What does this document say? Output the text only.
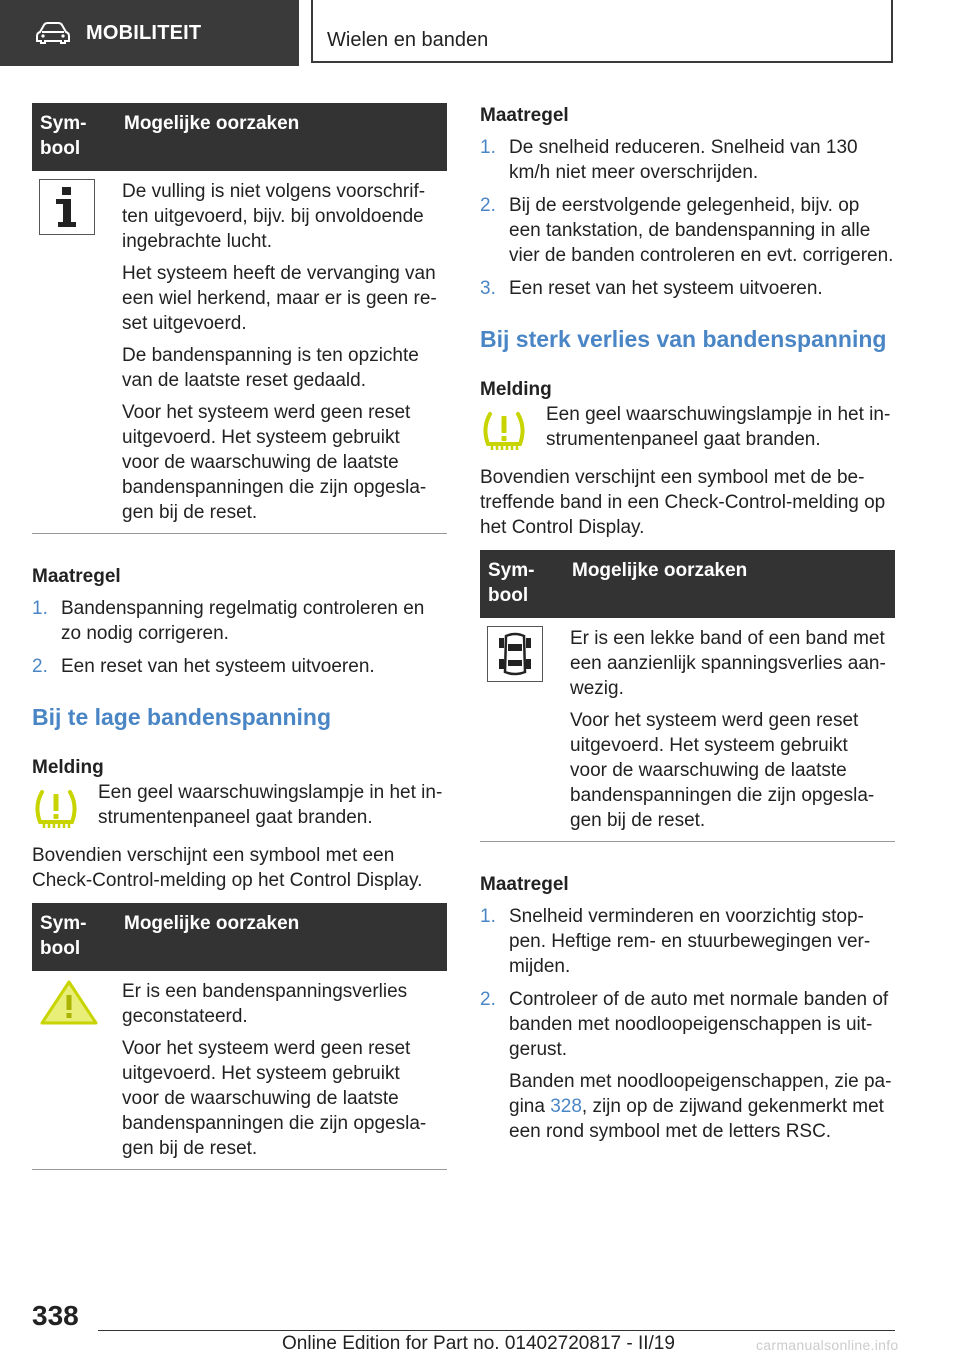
MOBILITEIT	Wielen en banden
Sym-
bool	Mogelijke oorzaken

De vulling is niet volgens voorschrif-ten uitgevoerd, bijv. bij onvoldoende ingebrachte lucht.

Het systeem heeft de vervanging van een wiel herkend, maar er is geen re-set uitgevoerd.

De bandenspanning is ten opzichte van de laatste reset gedaald.

Voor het systeem werd geen reset uitgevoerd. Het systeem gebruikt voor de waarschuwing de laatste bandenspanningen die zijn opgesla-gen bij de reset.

Maatregel

1. Bandenspanning regelmatig controleren en zo nodig corrigeren.

2. Een reset van het systeem uitvoeren.

Bij te lage bandenspanning

Melding

Een geel waarschuwingslampje in het in-strumentenpaneel gaat branden.

Bovendien verschijnt een symbool met een Check-Control-melding op het Control Display.

Sym-
bool	Mogelijke oorzaken

Er is een bandenspanningsverlies geconstateerd.

Voor het systeem werd geen reset uitgevoerd. Het systeem gebruikt voor de waarschuwing de laatste bandenspanningen die zijn opgesla-gen bij de reset.

Maatregel

1. De snelheid reduceren. Snelheid van 130 km/h niet meer overschrijden.

2. Bij de eerstvolgende gelegenheid, bijv. op een tankstation, de bandenspanning in alle vier de banden controleren en evt. corrigeren.

3. Een reset van het systeem uitvoeren.

Bij sterk verlies van bandenspanning

Melding

Een geel waarschuwingslampje in het in-strumentenpaneel gaat branden.

Bovendien verschijnt een symbool met de be-treffende band in een Check-Control-melding op het Control Display.

Sym-
bool	Mogelijke oorzaken

Er is een lekke band of een band met een aanzienlijk spanningsverlies aan-wezig.

Voor het systeem werd geen reset uitgevoerd. Het systeem gebruikt voor de waarschuwing de laatste bandenspanningen die zijn opgesla-gen bij de reset.

Maatregel

1. Snelheid verminderen en voorzichtig stop-pen. Heftige rem- en stuurbewegingen ver-mijden.

2. Controleer of de auto met normale banden of banden met noodloopeigenschappen is uit-gerust.

Banden met noodloopeigenschappen, zie pa-gina 328, zijn op de zijwand gekenmerkt met een rond symbool met de letters RSC.

338
Online Edition for Part no. 01402720817 - II/19	carmanualsonline.info
